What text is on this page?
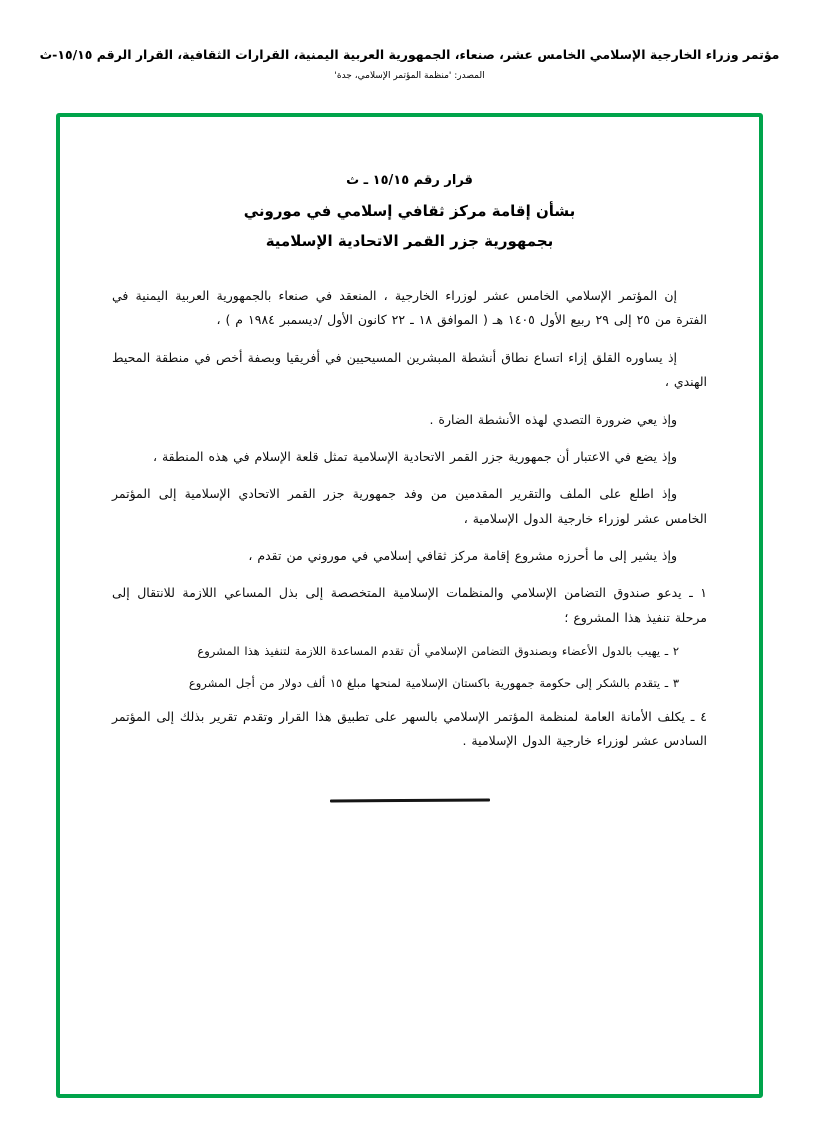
مؤتمر وزراء الخارجية الإسلامي الخامس عشر، صنعاء، الجمهورية العربية اليمنية، القرارات الثقافية، القرار الرقم ١٥/١٥-ث
المصدر: 'منظمة المؤتمر الإسلامي، جدة'
قرار رقم ١٥/١٥ ـ ث
بشأن إقامة مركز ثقافي إسلامي في موروني
بجمهورية جزر القمر الاتحادية الإسلامية

إن المؤتمر الإسلامي الخامس عشر لوزراء الخارجية ، المنعقد في صنعاء بالجمهورية العربية اليمنية في الفترة من ٢٥ إلى ٢٩ ربيع الأول ١٤٠٥ هـ ( الموافق ١٨ ـ ٢٢ كانون الأول /ديسمبر ١٩٨٤ م ) ،

إذ يساوره القلق إزاء اتساع نطاق أنشطة المبشرين المسيحيين في أفريقيا وبصفة أخص في منطقة المحيط الهندي ،

وإذ يعي ضرورة التصدي لهذه الأنشطة الضارة .

وإذ يضع في الاعتبار أن جمهورية جزر القمر الاتحادية الإسلامية تمثل قلعة الإسلام في هذه المنطقة ،

وإذ اطلع على الملف والتقرير المقدمين من وفد جمهورية جزر القمر الاتحادي الإسلامية إلى المؤتمر الخامس عشر لوزراء خارجية الدول الإسلامية ،

وإذ يشير إلى ما أحرزه مشروع إقامة مركز ثقافي إسلامي في موروني من تقدم ،

١ ـ يدعو صندوق التضامن الإسلامي والمنظمات الإسلامية المتخصصة إلى بذل المساعي اللازمة للانتقال إلى مرحلة تنفيذ هذا المشروع ؛

٢ ـ يهيب بالدول الأعضاء وبصندوق التضامن الإسلامي أن تقدم المساعدة اللازمة لتنفيذ هذا المشروع

٣ ـ يتقدم بالشكر إلى حكومة جمهورية باكستان الإسلامية لمنحها مبلغ ١٥ ألف دولار من أجل المشروع

٤ ـ يكلف الأمانة العامة لمنظمة المؤتمر الإسلامي بالسهر على تطبيق هذا القرار وتقدم تقرير بذلك إلى المؤتمر السادس عشر لوزراء خارجية الدول الإسلامية .
